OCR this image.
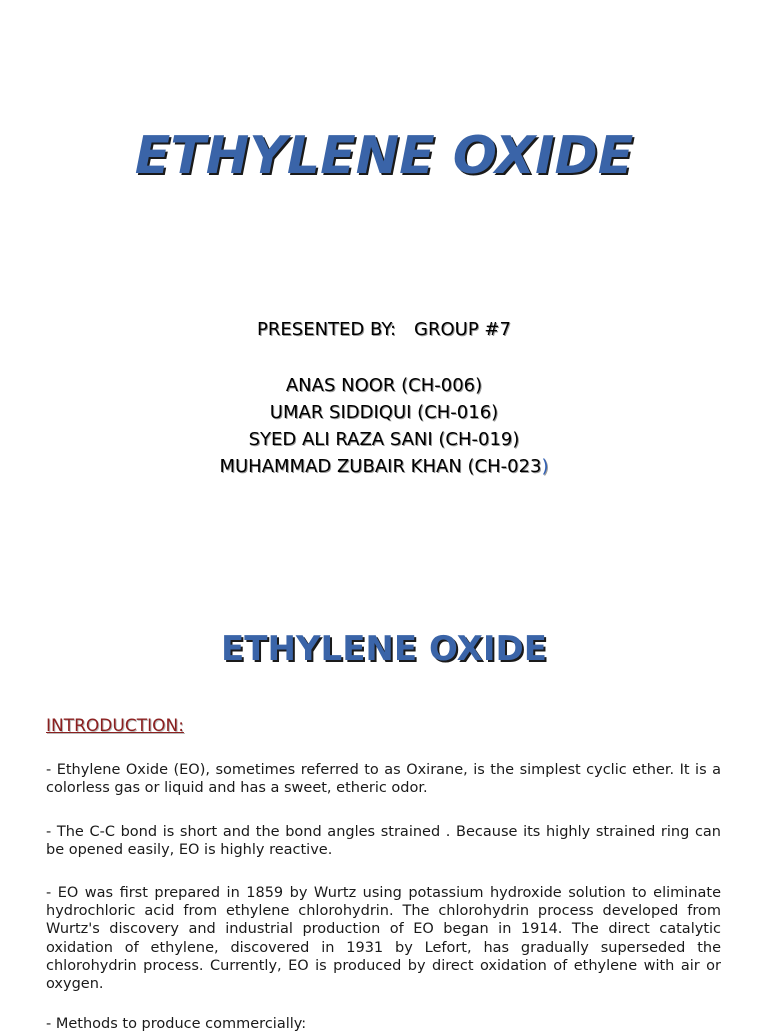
ETHYLENE OXIDE
PRESENTED BY: GROUP #7
ANAS NOOR (CH-006)
UMAR SIDDIQUI (CH-016)
SYED ALI RAZA SANI (CH-019)
MUHAMMAD ZUBAIR KHAN (CH-023)
ETHYLENE OXIDE
INTRODUCTION:

- Ethylene Oxide (EO), sometimes referred to as Oxirane, is the simplest cyclic ether. It is a colorless gas or liquid and has a sweet, etheric odor.

- The C-C bond is short and the bond angles strained . Because its highly strained ring can be opened easily, EO is highly reactive.

- EO was first prepared in 1859 by Wurtz using potassium hydroxide solution to eliminate hydrochloric acid from ethylene chlorohydrin. The chlorohydrin process developed from Wurtz's discovery and industrial production of EO began in 1914. The direct catalytic oxidation of ethylene, discovered in 1931 by Lefort, has gradually superseded the chlorohydrin process. Currently, EO is produced by direct oxidation of ethylene with air or oxygen.

- Methods to produce commercially:
